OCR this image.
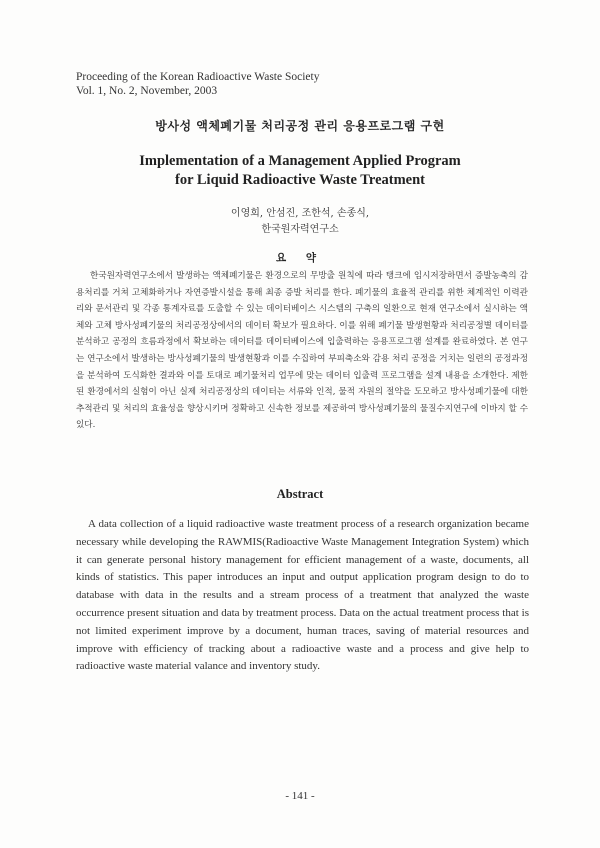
Proceeding of the Korean Radioactive Waste Society
Vol. 1, No. 2, November, 2003
방사성 액체폐기물 처리공정 관리 응용프로그램 구현
Implementation of a Management Applied Program
for Liquid Radioactive Waste Treatment
이영희, 안섬진, 조한석, 손종식,
한국원자력연구소
요 약

한국원자력연구소에서 발생하는 액체폐기물은 환경으로의 무방출 원칙에 따라 탱크에 임시저장하면서 증발농축의 감용처리를 거쳐 고체화하거나 자연증발시설을 통해 최종 증발 처리를 한다. 폐기물의 효율적 관리를 위한 체계적인 이력관리와 문서관리 및 각종 통계자료를 도출할 수 있는 데이터베이스 시스템의 구축의 일환으로 현재 연구소에서 실시하는 액체와 고체 방사성폐기물의 처리공정상에서의 데이터 확보가 필요하다. 이를 위해 폐기물 발생현황과 처리공정별 데이터를 분석하고 공정의 흐름과정에서 확보하는 데이터를 데이터베이스에 입출력하는 응용프로그램 설계를 완료하였다. 본 연구는 연구소에서 발생하는 방사성폐기물의 발생현황과 이를 수집하여 부피축소와 감용 처리 공정을 거치는 일련의 공정과정을 분석하여 도식화한 결과와 이를 토대로 폐기물처리 업무에 맞는 데이터 입출력 프로그램을 설계 내용을 소개한다. 제한된 환경에서의 실험이 아닌 실제 처리공정상의 데이터는 서류와 인적, 물적 자원의 절약을 도모하고 방사성폐기물에 대한 추적관리 및 처리의 효율성을 향상시키며 정확하고 신속한 정보를 제공하여 방사성폐기물의 물질수지연구에 이바지 할 수 있다.

Abstract

A data collection of a liquid radioactive waste treatment process of a research organization became necessary while developing the RAWMIS(Radioactive Waste Management Integration System) which it can generate personal history management for efficient management of a waste, documents, all kinds of statistics. This paper introduces an input and output application program design to do to database with data in the results and a stream process of a treatment that analyzed the waste occurrence present situation and data by treatment process. Data on the actual treatment process that is not limited experiment improve by a document, human traces, saving of material resources and improve with efficiency of tracking about a radioactive waste and a process and give help to radioactive waste material valance and inventory study.

- 141 -
